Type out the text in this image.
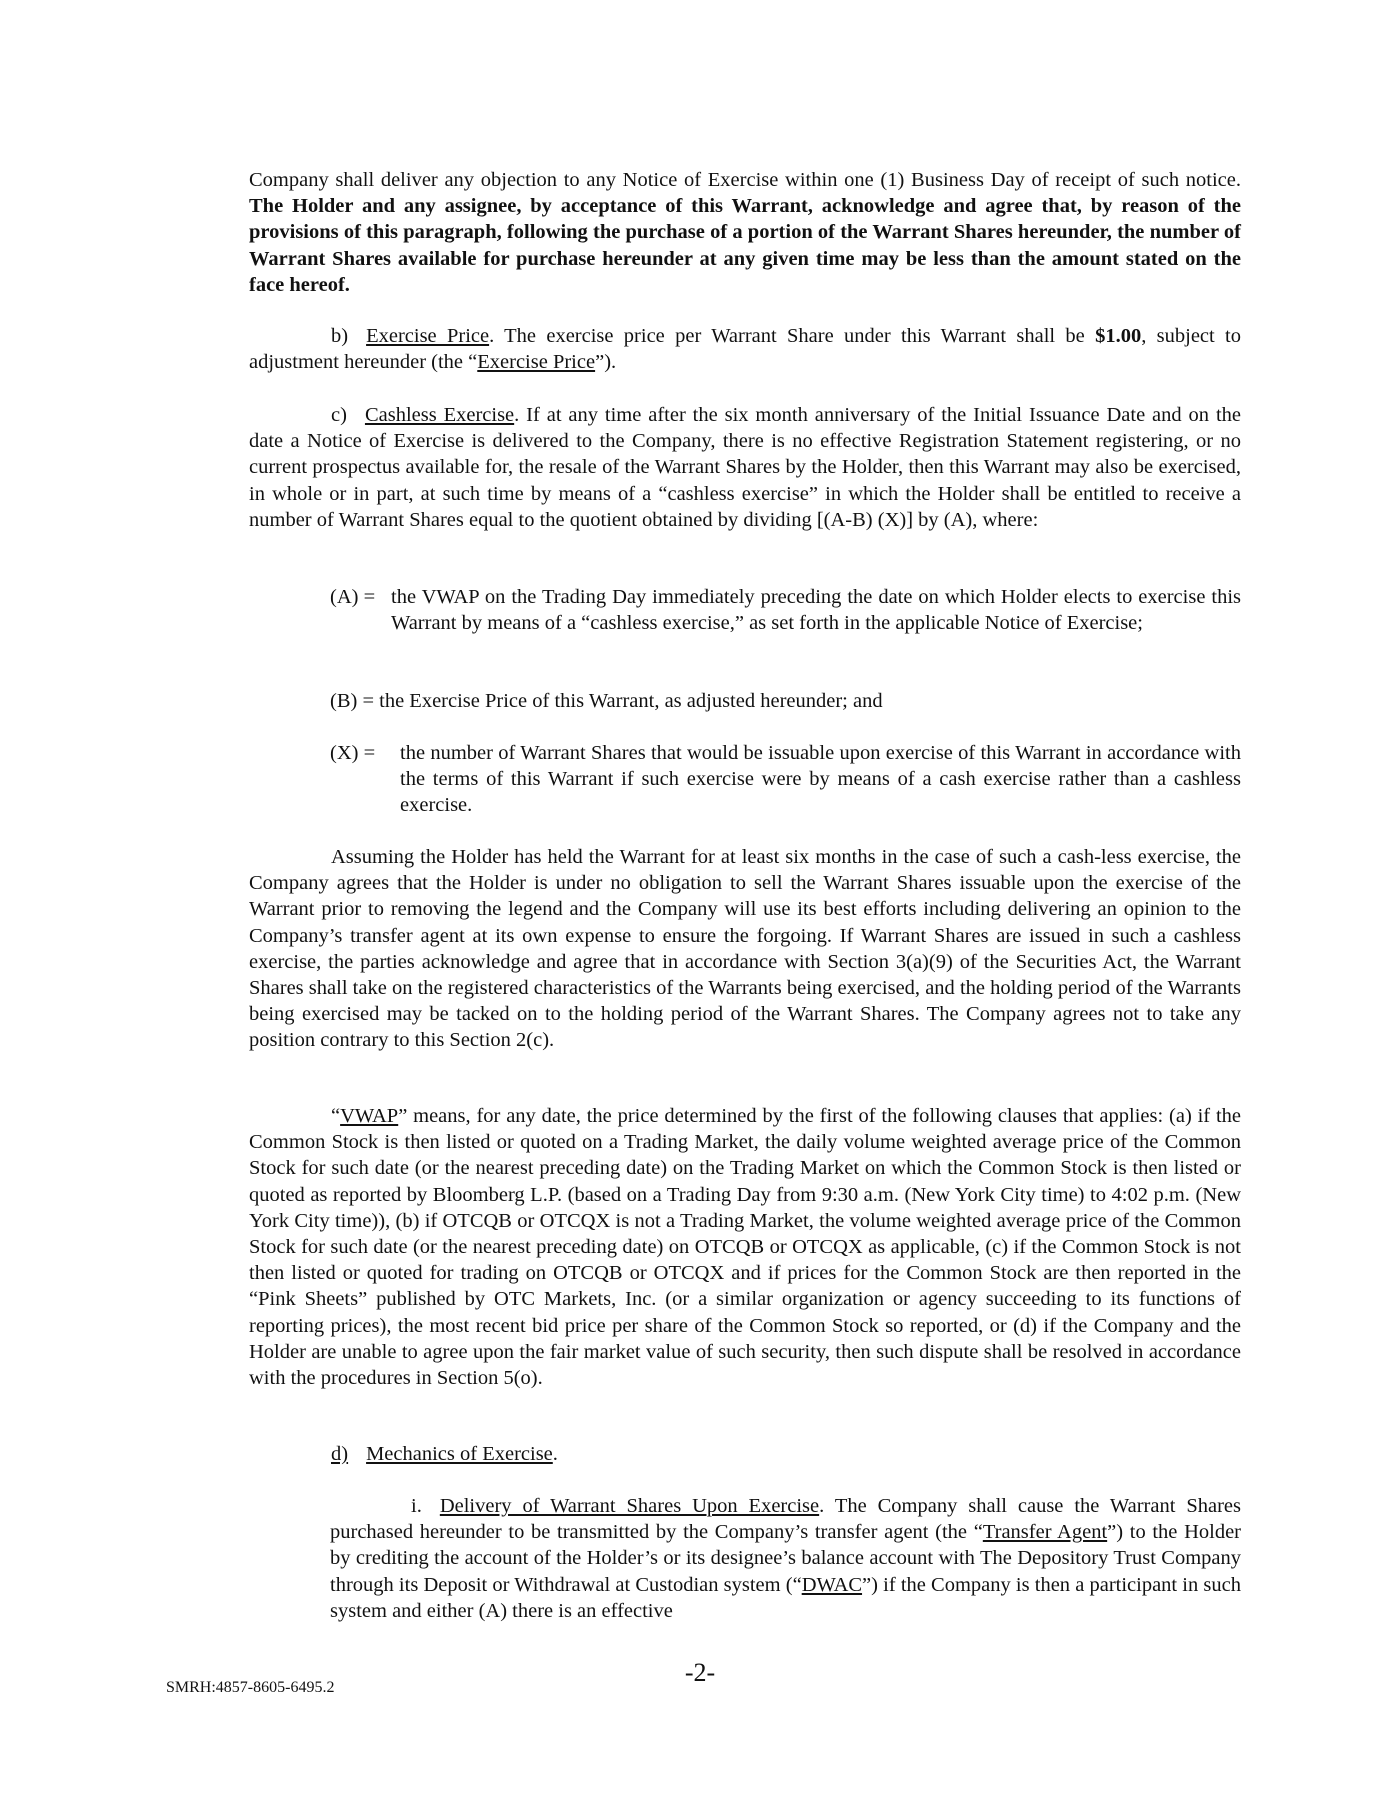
Company shall deliver any objection to any Notice of Exercise within one (1) Business Day of receipt of such notice. The Holder and any assignee, by acceptance of this Warrant, acknowledge and agree that, by reason of the provisions of this paragraph, following the purchase of a portion of the Warrant Shares hereunder, the number of Warrant Shares available for purchase hereunder at any given time may be less than the amount stated on the face hereof.

b) Exercise Price. The exercise price per Warrant Share under this Warrant shall be $1.00, subject to adjustment hereunder (the “Exercise Price”).

c) Cashless Exercise. If at any time after the six month anniversary of the Initial Issuance Date and on the date a Notice of Exercise is delivered to the Company, there is no effective Registration Statement registering, or no current prospectus available for, the resale of the Warrant Shares by the Holder, then this Warrant may also be exercised, in whole or in part, at such time by means of a “cashless exercise” in which the Holder shall be entitled to receive a number of Warrant Shares equal to the quotient obtained by dividing [(A-B) (X)] by (A), where:

(A) = the VWAP on the Trading Day immediately preceding the date on which Holder elects to exercise this Warrant by means of a “cashless exercise,” as set forth in the applicable Notice of Exercise;

(B) = the Exercise Price of this Warrant, as adjusted hereunder; and

(X) = the number of Warrant Shares that would be issuable upon exercise of this Warrant in accordance with the terms of this Warrant if such exercise were by means of a cash exercise rather than a cashless exercise.

Assuming the Holder has held the Warrant for at least six months in the case of such a cash-less exercise, the Company agrees that the Holder is under no obligation to sell the Warrant Shares issuable upon the exercise of the Warrant prior to removing the legend and the Company will use its best efforts including delivering an opinion to the Company’s transfer agent at its own expense to ensure the forgoing. If Warrant Shares are issued in such a cashless exercise, the parties acknowledge and agree that in accordance with Section 3(a)(9) of the Securities Act, the Warrant Shares shall take on the registered characteristics of the Warrants being exercised, and the holding period of the Warrants being exercised may be tacked on to the holding period of the Warrant Shares. The Company agrees not to take any position contrary to this Section 2(c).

“VWAP” means, for any date, the price determined by the first of the following clauses that applies: (a) if the Common Stock is then listed or quoted on a Trading Market, the daily volume weighted average price of the Common Stock for such date (or the nearest preceding date) on the Trading Market on which the Common Stock is then listed or quoted as reported by Bloomberg L.P. (based on a Trading Day from 9:30 a.m. (New York City time) to 4:02 p.m. (New York City time)), (b) if OTCQB or OTCQX is not a Trading Market, the volume weighted average price of the Common Stock for such date (or the nearest preceding date) on OTCQB or OTCQX as applicable, (c) if the Common Stock is not then listed or quoted for trading on OTCQB or OTCQX and if prices for the Common Stock are then reported in the “Pink Sheets” published by OTC Markets, Inc. (or a similar organization or agency succeeding to its functions of reporting prices), the most recent bid price per share of the Common Stock so reported, or (d) if the Company and the Holder are unable to agree upon the fair market value of such security, then such dispute shall be resolved in accordance with the procedures in Section 5(o).

d) Mechanics of Exercise.

i. Delivery of Warrant Shares Upon Exercise. The Company shall cause the Warrant Shares purchased hereunder to be transmitted by the Company’s transfer agent (the “Transfer Agent”) to the Holder by crediting the account of the Holder’s or its designee’s balance account with The Depository Trust Company through its Deposit or Withdrawal at Custodian system (“DWAC”) if the Company is then a participant in such system and either (A) there is an effective

SMRH:4857-8605-6495.2
-2-
